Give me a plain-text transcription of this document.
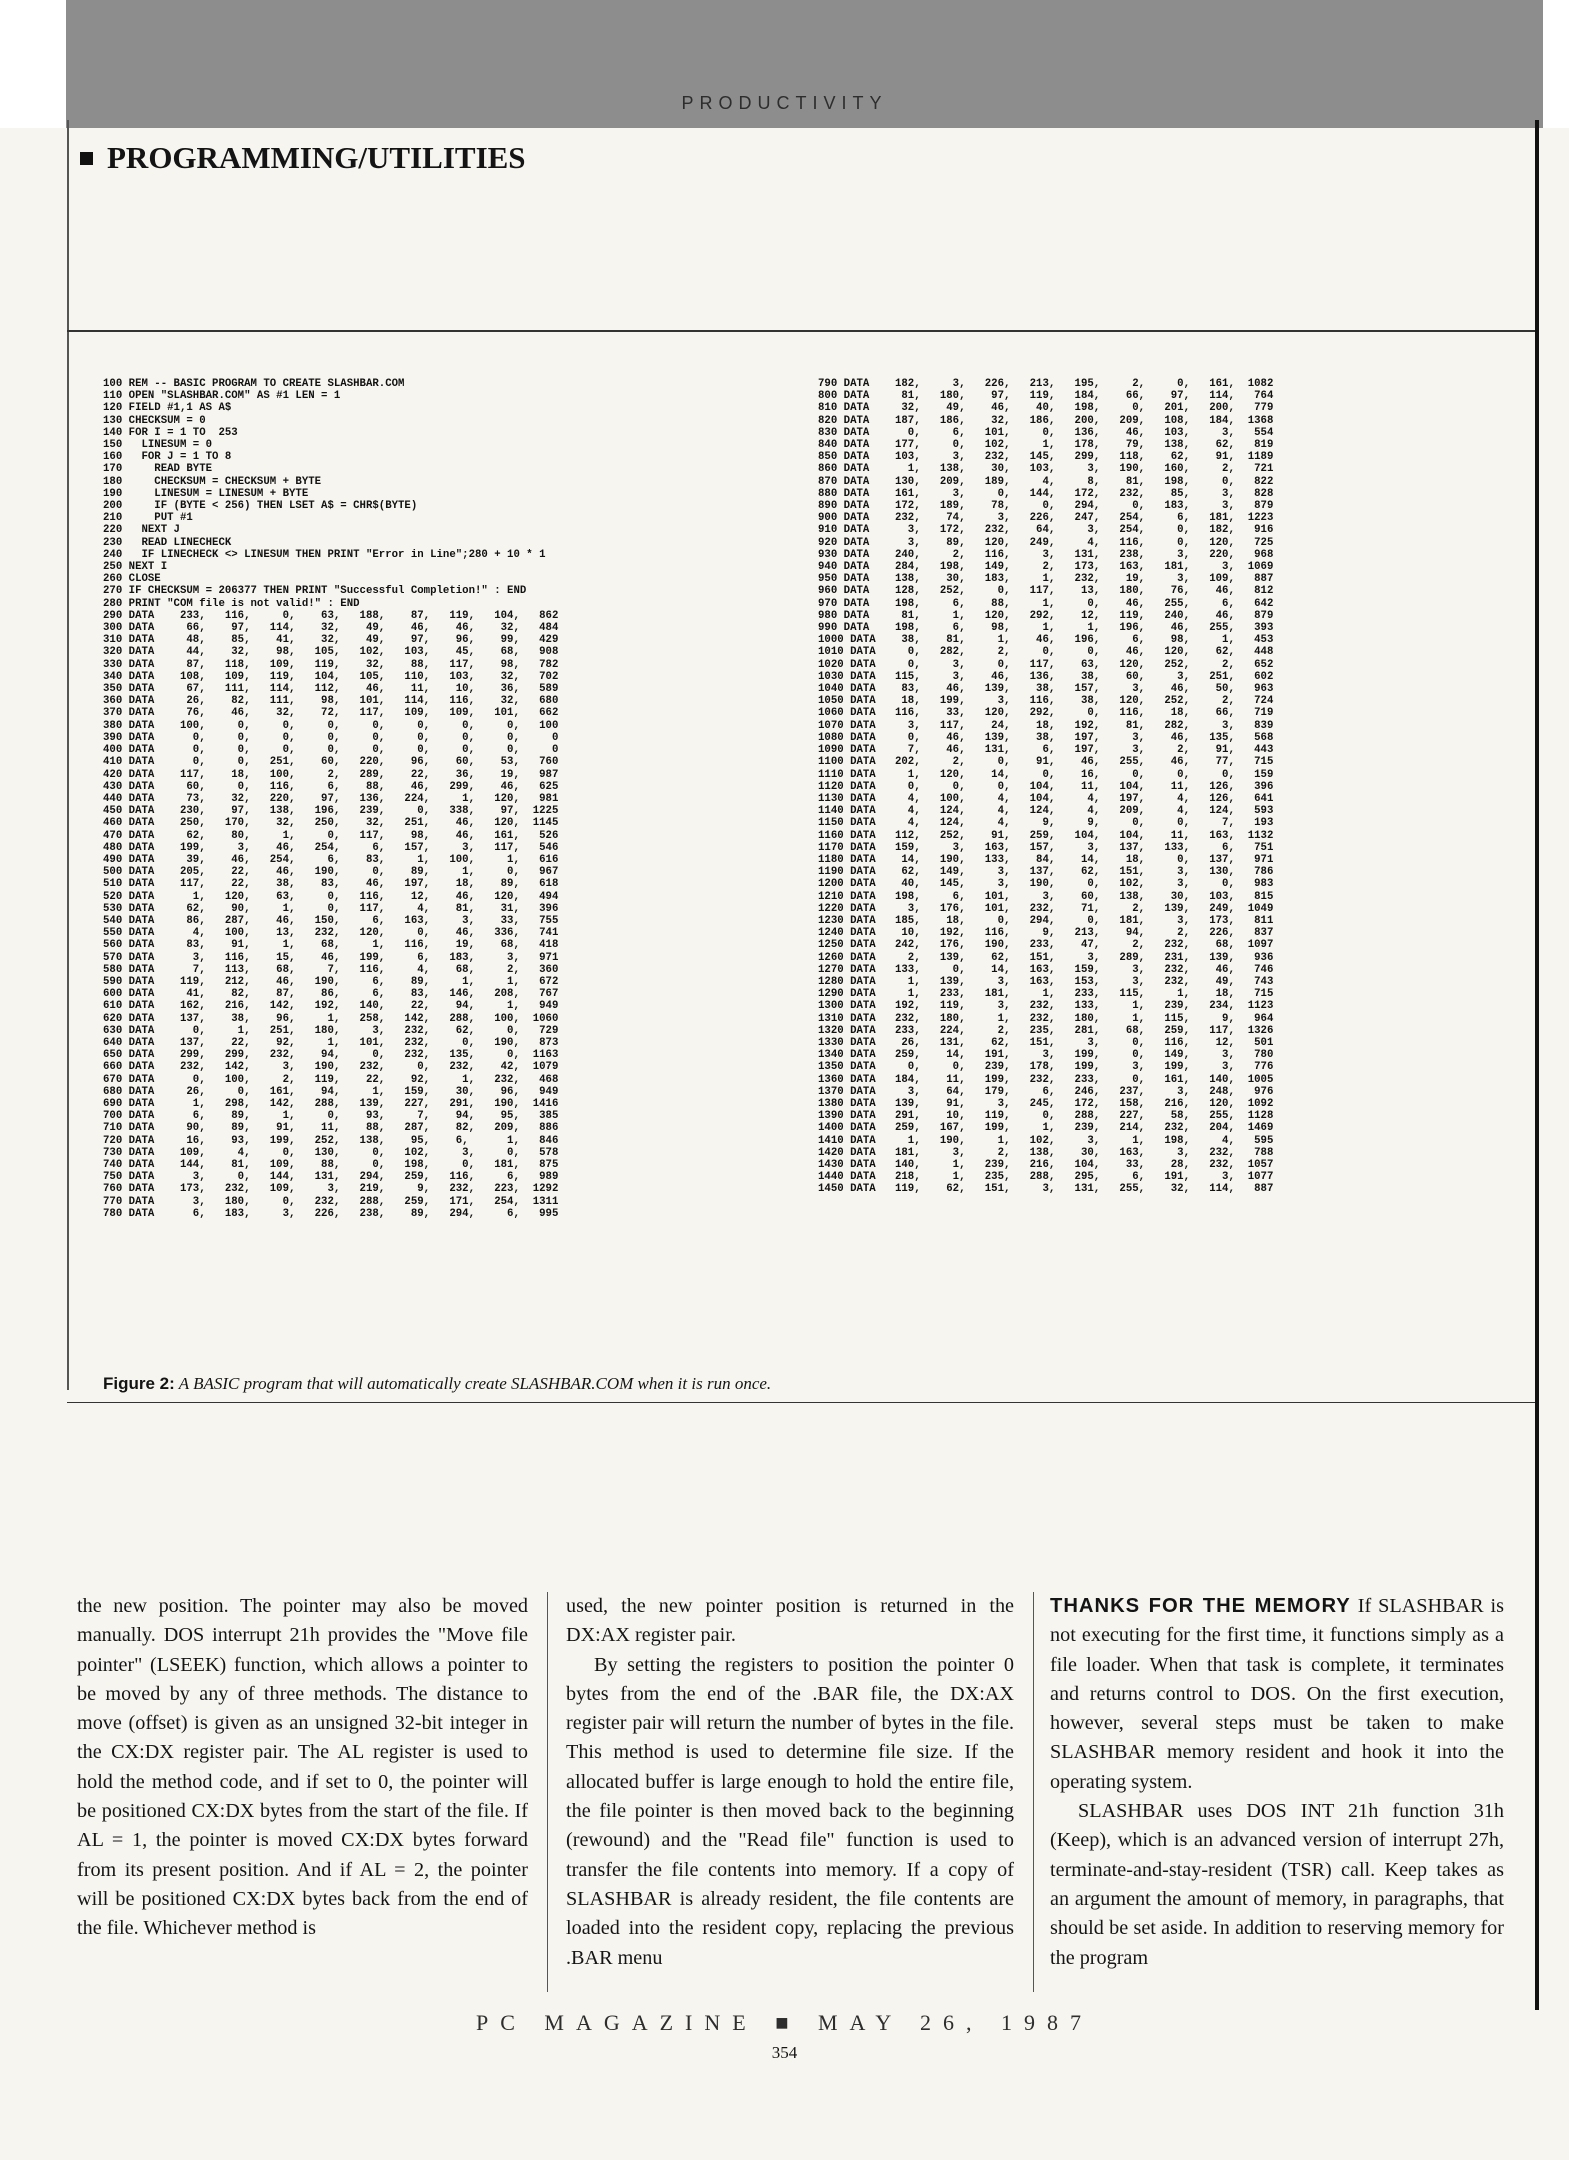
PRODUCTIVITY
PROGRAMMING/UTILITIES
100 REM -- BASIC PROGRAM TO CREATE SLASHBAR.COM
110 OPEN "SLASHBAR.COM" AS #1 LEN = 1
120 FIELD #1,1 AS A$
130 CHECKSUM = 0
140 FOR I = 1 TO  253
150   LINESUM = 0
160   FOR J = 1 TO 8
170     READ BYTE
180     CHECKSUM = CHECKSUM + BYTE
190     LINESUM = LINESUM + BYTE
200     IF (BYTE < 256) THEN LSET A$ = CHR$(BYTE)
210     PUT #1
220   NEXT J
230   READ LINECHECK
240   IF LINECHECK <> LINESUM THEN PRINT "Error in Line";280 + 10 * 1
250 NEXT I
260 CLOSE
270 IF CHECKSUM = 206377 THEN PRINT "Successful Completion!" : END
280 PRINT "COM file is not valid!" : END
290 DATA    233,   116,     0,    63,   188,    87,   119,   104,   862
300 DATA     66,    97,   114,    32,    49,    46,    46,    32,   484
310 DATA     48,    85,    41,    32,    49,    97,    96,    99,   429
320 DATA     44,    32,    98,   105,   102,   103,    45,    68,   908
330 DATA     87,   118,   109,   119,    32,    88,   117,    98,   782
340 DATA    108,   109,   119,   104,   105,   110,   103,    32,   702
350 DATA     67,   111,   114,   112,    46,    11,    10,    36,   589
360 DATA     26,    82,   111,    98,   101,   114,   116,    32,   680
370 DATA     76,    46,    32,    72,   117,   109,   109,   101,   662
380 DATA    100,     0,     0,     0,     0,     0,     0,     0,   100
390 DATA      0,     0,     0,     0,     0,     0,     0,     0,     0
400 DATA      0,     0,     0,     0,     0,     0,     0,     0,     0
410 DATA      0,     0,   251,    60,   220,    96,    60,    53,   760
420 DATA    117,    18,   100,     2,   289,    22,    36,    19,   987
430 DATA     60,     0,   116,     6,    88,    46,   299,    46,   625
440 DATA     73,    32,   220,    97,   136,   224,     1,   120,   981
450 DATA    230,    97,   138,   196,   239,     0,   338,    97,  1225
460 DATA    250,   170,    32,   250,    32,   251,    46,   120,  1145
470 DATA     62,    80,     1,     0,   117,    98,    46,   161,   526
480 DATA    199,     3,    46,   254,     6,   157,     3,   117,   546
490 DATA     39,    46,   254,     6,    83,     1,   100,     1,   616
500 DATA    205,    22,    46,   190,     0,    89,     1,     0,   967
510 DATA    117,    22,    38,    83,    46,   197,    18,    89,   618
520 DATA      1,   120,    63,     0,   116,    12,    46,   120,   494
530 DATA     62,    90,     1,     0,   117,     4,    81,    31,   396
540 DATA     86,   287,    46,   150,     6,   163,     3,    33,   755
550 DATA      4,   100,    13,   232,   120,     0,    46,   336,   741
560 DATA     83,    91,     1,    68,     1,   116,    19,    68,   418
570 DATA      3,   116,    15,    46,   199,     6,   183,     3,   971
580 DATA      7,   113,    68,     7,   116,     4,    68,     2,   360
590 DATA    119,   212,    46,   190,     6,    89,     1,     1,   672
600 DATA     41,    82,    87,    86,     6,    83,   146,   208,   767
610 DATA    162,   216,   142,   192,   140,    22,    94,     1,   949
620 DATA    137,    38,    96,     1,   258,   142,   288,   100,  1060
630 DATA      0,     1,   251,   180,     3,   232,    62,     0,   729
640 DATA    137,    22,    92,     1,   101,   232,     0,   190,   873
650 DATA    299,   299,   232,    94,     0,   232,   135,     0,  1163
660 DATA    232,   142,     3,   190,   232,     0,   232,    42,  1079
670 DATA      0,   100,     2,   119,    22,    92,     1,   232,   468
680 DATA     26,     0,   161,    94,     1,   159,    30,    96,   949
690 DATA      1,   298,   142,   288,   139,   227,   291,   190,  1416
700 DATA      6,    89,     1,     0,    93,     7,    94,    95,   385
710 DATA     90,    89,    91,    11,    88,   287,    82,   209,   886
720 DATA     16,    93,   199,   252,   138,    95,    6,      1,   846
730 DATA    109,     4,     0,   130,     0,   102,     3,     0,   578
740 DATA    144,    81,   109,    88,     0,   198,     0,   181,   875
750 DATA      3,     0,   144,   131,   294,   259,   116,     6,   989
760 DATA    173,   232,   109,     3,   219,     9,   232,   223,  1292
770 DATA      3,   180,     0,   232,   288,   259,   171,   254,  1311
780 DATA      6,   183,     3,   226,   238,    89,   294,     6,   995
790 DATA    182,     3,   226,   213,   195,     2,     0,   161,  1082
800 DATA     81,   180,    97,   119,   184,    66,    97,   114,   764
810 DATA     32,    49,    46,    40,   198,     0,   201,   200,   779
820 DATA    187,   186,    32,   186,   200,   209,   108,   184,  1368
830 DATA      0,     6,   101,     0,   136,    46,   103,     3,   554
840 DATA    177,     0,   102,     1,   178,    79,   138,    62,   819
850 DATA    103,     3,   232,   145,   299,   118,    62,    91,  1189
860 DATA      1,   138,    30,   103,     3,   190,   160,     2,   721
870 DATA    130,   209,   189,     4,     8,    81,   198,     0,   822
880 DATA    161,     3,     0,   144,   172,   232,    85,     3,   828
890 DATA    172,   189,    78,     0,   294,     0,   183,     3,   879
900 DATA    232,    74,     3,   226,   247,   254,     6,   181,  1223
910 DATA      3,   172,   232,    64,     3,   254,     0,   182,   916
920 DATA      3,    89,   120,   249,     4,   116,     0,   120,   725
930 DATA    240,     2,   116,     3,   131,   238,     3,   220,   968
940 DATA    284,   198,   149,     2,   173,   163,   181,     3,  1069
950 DATA    138,    30,   183,     1,   232,    19,     3,   109,   887
960 DATA    128,   252,     0,   117,    13,   180,    76,    46,   812
970 DATA    198,     6,    88,     1,     0,    46,   255,     6,   642
980 DATA     81,     1,   120,   292,    12,   119,   240,    46,   879
990 DATA    198,     6,    98,     1,     1,   196,    46,   255,   393
1000 DATA    38,    81,     1,    46,   196,     6,    98,     1,   453
1010 DATA     0,   282,     2,     0,     0,    46,   120,    62,   448
1020 DATA     0,     3,     0,   117,    63,   120,   252,     2,   652
1030 DATA   115,     3,    46,   136,    38,    60,     3,   251,   602
1040 DATA    83,    46,   139,    38,   157,     3,    46,    50,   963
1050 DATA    18,   199,     3,   116,    38,   120,   252,     2,   724
1060 DATA   116,    33,   120,   292,     0,   116,    18,    66,   719
1070 DATA     3,   117,    24,    18,   192,    81,   282,     3,   839
1080 DATA     0,    46,   139,    38,   197,     3,    46,   135,   568
1090 DATA     7,    46,   131,     6,   197,     3,     2,    91,   443
1100 DATA   202,     2,     0,    91,    46,   255,    46,    77,   715
1110 DATA     1,   120,    14,     0,    16,     0,     0,     0,   159
1120 DATA     0,     0,     0,   104,    11,   104,    11,   126,   396
1130 DATA     4,   100,     4,   104,     4,   197,     4,   126,   641
1140 DATA     4,   124,     4,   124,     4,   209,     4,   124,   593
1150 DATA     4,   124,     4,     9,     9,     0,     0,     7,   193
1160 DATA   112,   252,    91,   259,   104,   104,    11,   163,  1132
1170 DATA   159,     3,   163,   157,     3,   137,   133,     6,   751
1180 DATA    14,   190,   133,    84,    14,    18,     0,   137,   971
1190 DATA    62,   149,     3,   137,    62,   151,     3,   130,   786
1200 DATA    40,   145,     3,   190,     0,   102,     3,     0,   983
1210 DATA   198,     6,   101,     3,    60,   138,    30,   103,   815
1220 DATA     3,   176,   101,   232,    71,     2,   139,   249,  1049
1230 DATA   185,    18,     0,   294,     0,   181,     3,   173,   811
1240 DATA    10,   192,   116,     9,   213,    94,     2,   226,   837
1250 DATA   242,   176,   190,   233,    47,     2,   232,    68,  1097
1260 DATA     2,   139,    62,   151,     3,   289,   231,   139,   936
1270 DATA   133,     0,    14,   163,   159,     3,   232,    46,   746
1280 DATA     1,   139,     3,   163,   153,     3,   232,    49,   743
1290 DATA     1,   233,   181,     1,   233,   115,     1,    18,   715
1300 DATA   192,   119,     3,   232,   133,     1,   239,   234,  1123
1310 DATA   232,   180,     1,   232,   180,     1,   115,     9,   964
1320 DATA   233,   224,     2,   235,   281,    68,   259,   117,  1326
1330 DATA    26,   131,    62,   151,     3,     0,   116,    12,   501
1340 DATA   259,    14,   191,     3,   199,     0,   149,     3,   780
1350 DATA     0,     0,   239,   178,   199,     3,   199,     3,   776
1360 DATA   184,    11,   199,   232,   233,     0,   161,   140,  1005
1370 DATA     3,    64,   179,     6,   246,   237,     3,   248,   976
1380 DATA   139,    91,     3,   245,   172,   158,   216,   120,  1092
1390 DATA   291,    10,   119,     0,   288,   227,    58,   255,  1128
1400 DATA   259,   167,   199,     1,   239,   214,   232,   204,  1469
1410 DATA     1,   190,     1,   102,     3,     1,   198,     4,   595
1420 DATA   181,     3,     2,   138,    30,   163,     3,   232,   788
1430 DATA   140,     1,   239,   216,   104,    33,    28,   232,  1057
1440 DATA   218,     1,   235,   288,   295,     6,   191,     3,  1077
1450 DATA   119,    62,   151,     3,   131,   255,    32,   114,   887
Figure 2: A BASIC program that will automatically create SLASHBAR.COM when it is run once.

the new position. The pointer may also be moved manually. DOS interrupt 21h provides the "Move file pointer" (LSEEK) function, which allows a pointer to be moved by any of three methods. The distance to move (offset) is given as an unsigned 32-bit integer in the CX:DX register pair. The AL register is used to hold the method code, and if set to 0, the pointer will be positioned CX:DX bytes from the start of the file. If AL = 1, the pointer is moved CX:DX bytes forward from its present position. And if AL = 2, the pointer will be positioned CX:DX bytes back from the end of the file. Whichever method is

used, the new pointer position is returned in the DX:AX register pair.

By setting the registers to position the pointer 0 bytes from the end of the .BAR file, the DX:AX register pair will return the number of bytes in the file. This method is used to determine file size. If the allocated buffer is large enough to hold the entire file, the file pointer is then moved back to the beginning (rewound) and the "Read file" function is used to transfer the file contents into memory. If a copy of SLASHBAR is already resident, the file contents are loaded into the resident copy, replacing the previous .BAR menu

THANKS FOR THE MEMORY If SLASHBAR is not executing for the first time, it functions simply as a file loader. When that task is complete, it terminates and returns control to DOS. On the first execution, however, several steps must be taken to make SLASHBAR memory resident and hook it into the operating system.

SLASHBAR uses DOS INT 21h function 31h (Keep), which is an advanced version of interrupt 27h, terminate-and-stay-resident (TSR) call. Keep takes as an argument the amount of memory, in paragraphs, that should be set aside. In addition to reserving memory for the program

PC MAGAZINE ■ MAY 26, 1987
354
